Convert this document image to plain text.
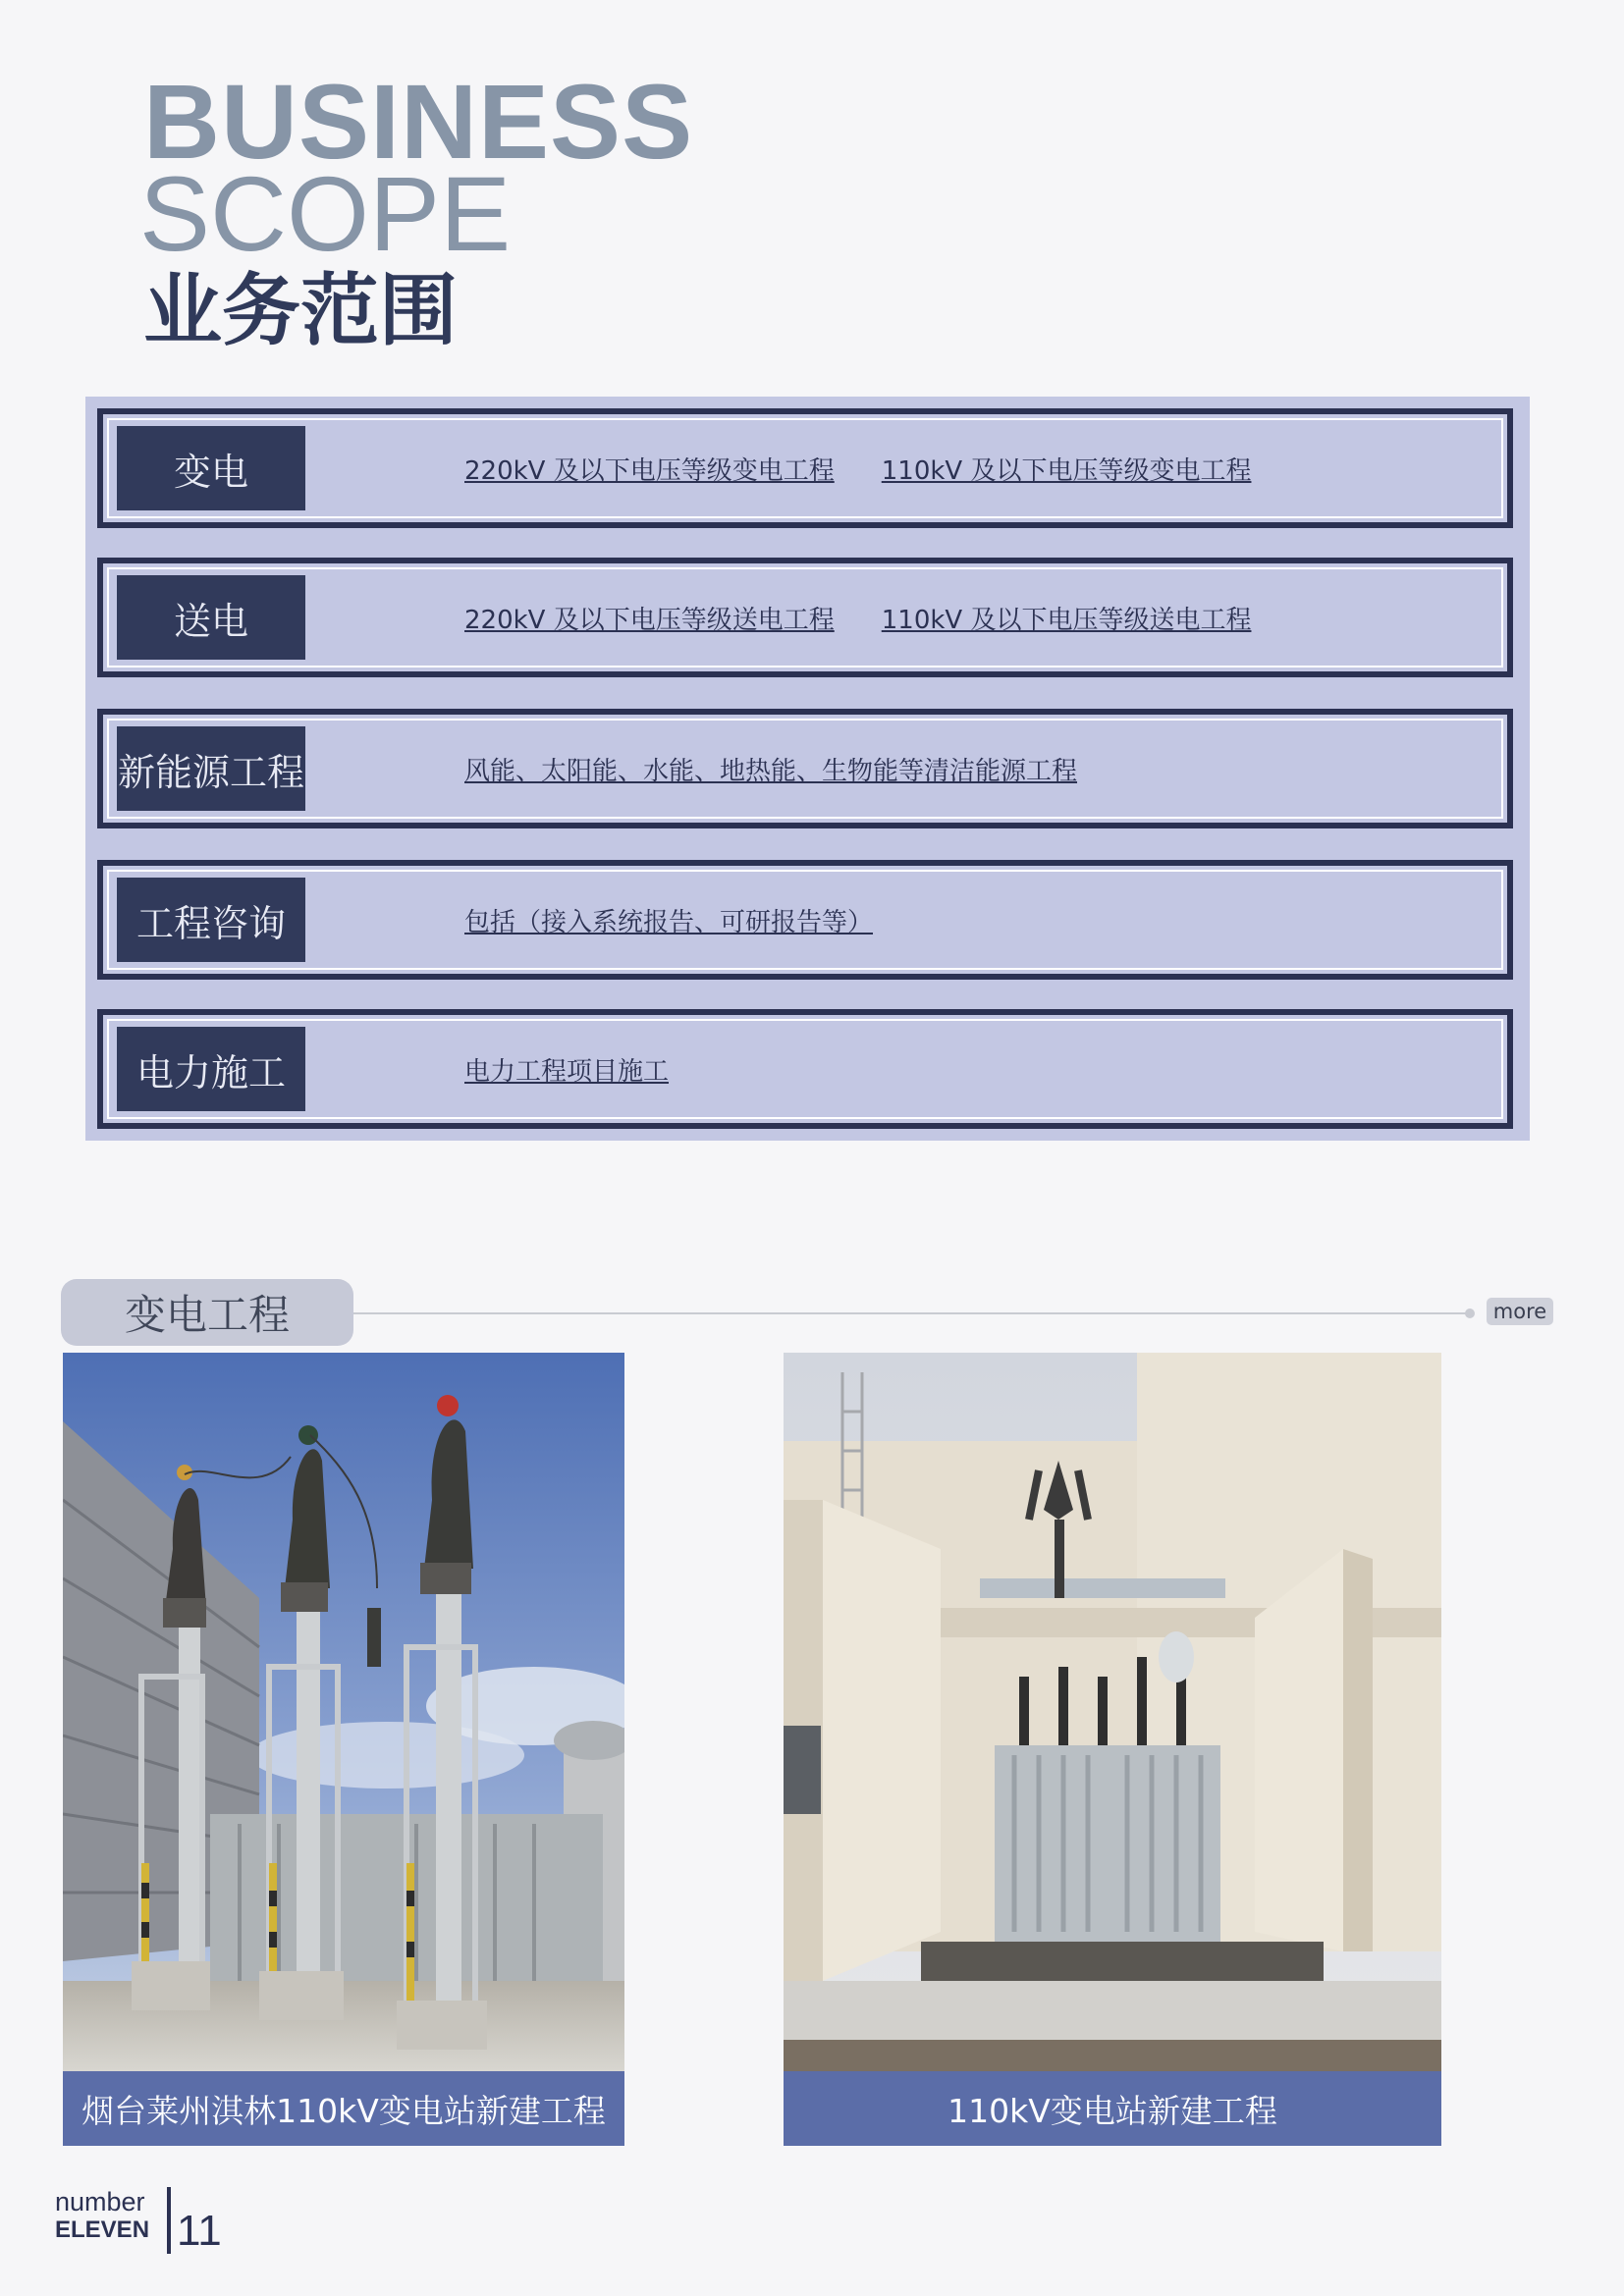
BUSINESS
SCOPE
业务范围
变电	220kV 及以下电压等级变电工程 110kV 及以下电压等级变电工程
送电	220kV 及以下电压等级送电工程 110kV 及以下电压等级送电工程
新能源工程	风能、太阳能、水能、地热能、生物能等清洁能源工程
工程咨询	包括（接入系统报告、可研报告等）
电力施工	电力工程项目施工
变电工程	more
烟台莱州淇林110kV变电站新建工程	110kV变电站新建工程
number
ELEVEN 11
